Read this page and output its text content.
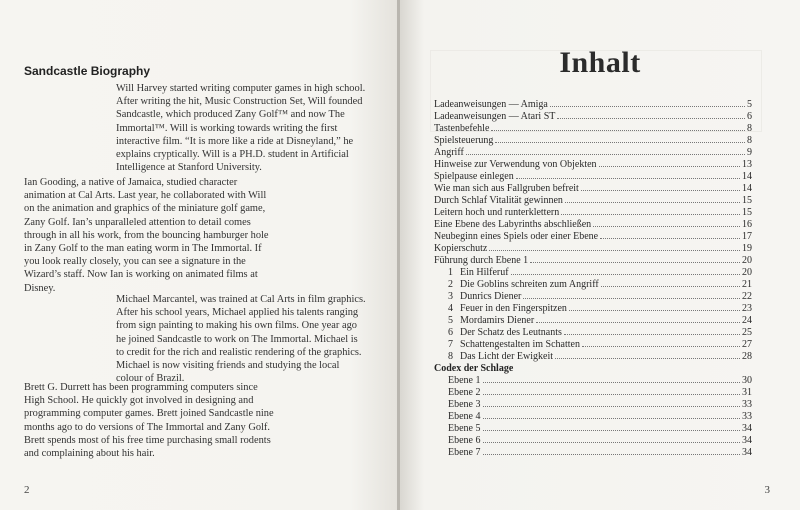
Sandcastle Biography

Will Harvey started writing computer games in high school. After writing the hit, Music Construction Set, Will founded Sandcastle, which produced Zany Golf™ and now The Immortal™. Will is working towards writing the first interactive film. “It is more like a ride at Disneyland,” he explains cryptically. Will is a PH.D. student in Artificial Intelligence at Stanford University.

Ian Gooding, a native of Jamaica, studied character animation at Cal Arts. Last year, he collaborated with Will on the animation and graphics of the miniature golf game, Zany Golf. Ian’s unparalleled attention to detail comes through in all his work, from the bouncing hamburger hole in Zany Golf to the man eating worm in The Immortal. If you look really closely, you can see a signature in the Wizard’s staff. Now Ian is working on animated films at Disney.

Michael Marcantel, was trained at Cal Arts in film graphics. After his school years, Michael applied his talents ranging from sign painting to making his own films. One year ago he joined Sandcastle to work on The Immortal. Michael is to credit for the rich and realistic rendering of the graphics. Michael is now visiting friends and studying the local colour of Brazil.

Brett G. Durrett has been programming computers since High School. He quickly got involved in designing and programming computer games. Brett joined Sandcastle nine months ago to do versions of The Immortal and Zany Golf. Brett spends most of his free time purchasing small rodents and complaining about his hair.

2
Inhalt
Ladeanweisungen — Amiga	5
Ladeanweisungen — Atari ST	6
Tastenbefehle	8
Spielsteuerung	8
Angriff	9
Hinweise zur Verwendung von Objekten	13
Spielpause einlegen	14
Wie man sich aus Fallgruben befreit	14
Durch Schlaf Vitalität gewinnen	15
Leitern hoch und runterklettern	15
Eine Ebene des Labyrinths abschließen	16
Neubeginn eines Spiels oder einer Ebene	17
Kopierschutz	19
Führung durch Ebene 1	20
1 Ein Hilferuf	20
2 Die Goblins schreiten zum Angriff	21
3 Dunrics Diener	22
4 Feuer in den Fingerspitzen	23
5 Mordamirs Diener	24
6 Der Schatz des Leutnants	25
7 Schattengestalten im Schatten	27
8 Das Licht der Ewigkeit	28
Codex der Schlage
Ebene 1	30
Ebene 2	31
Ebene 3	33
Ebene 4	33
Ebene 5	34
Ebene 6	34
Ebene 7	34
3
